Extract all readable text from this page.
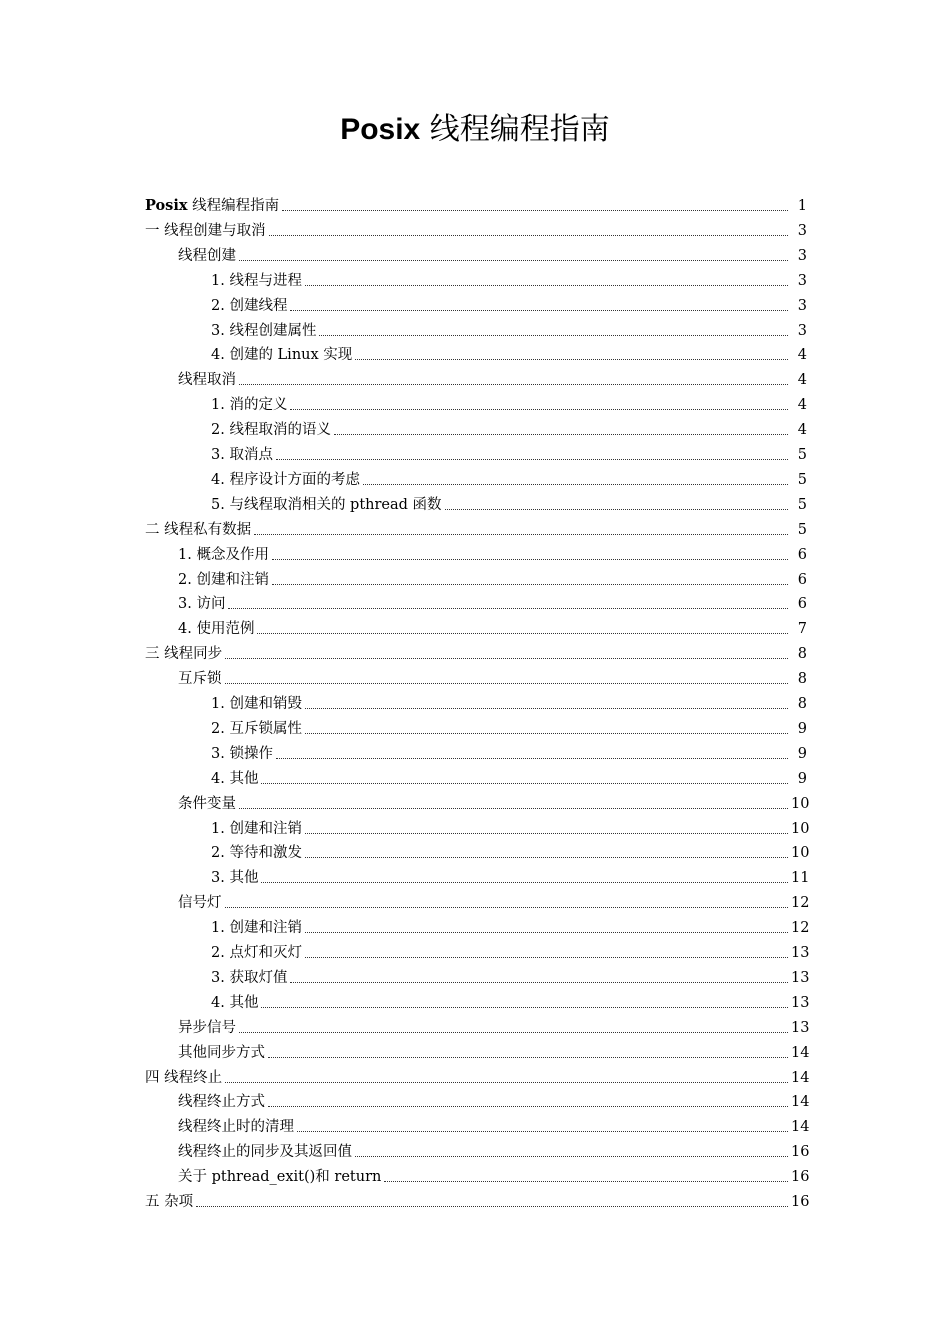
Posix 线程编程指南
Posix 线程编程指南	1
一 线程创建与取消	3
线程创建	3
1. 线程与进程	3
2. 创建线程	3
3. 线程创建属性	3
4. 创建的 Linux 实现	4
线程取消	4
1. 消的定义	4
2. 线程取消的语义	4
3. 取消点	5
4. 程序设计方面的考虑	5
5. 与线程取消相关的 pthread 函数	5
二 线程私有数据	5
1. 概念及作用	6
2. 创建和注销	6
3. 访问	6
4. 使用范例	7
三 线程同步	8
互斥锁	8
1. 创建和销毁	8
2. 互斥锁属性	9
3. 锁操作	9
4. 其他	9
条件变量	10
1. 创建和注销	10
2. 等待和激发	10
3. 其他	11
信号灯	12
1. 创建和注销	12
2. 点灯和灭灯	13
3. 获取灯值	13
4. 其他	13
异步信号	13
其他同步方式	14
四 线程终止	14
线程终止方式	14
线程终止时的清理	14
线程终止的同步及其返回值	16
关于 pthread_exit()和 return	16
五 杂项	16
